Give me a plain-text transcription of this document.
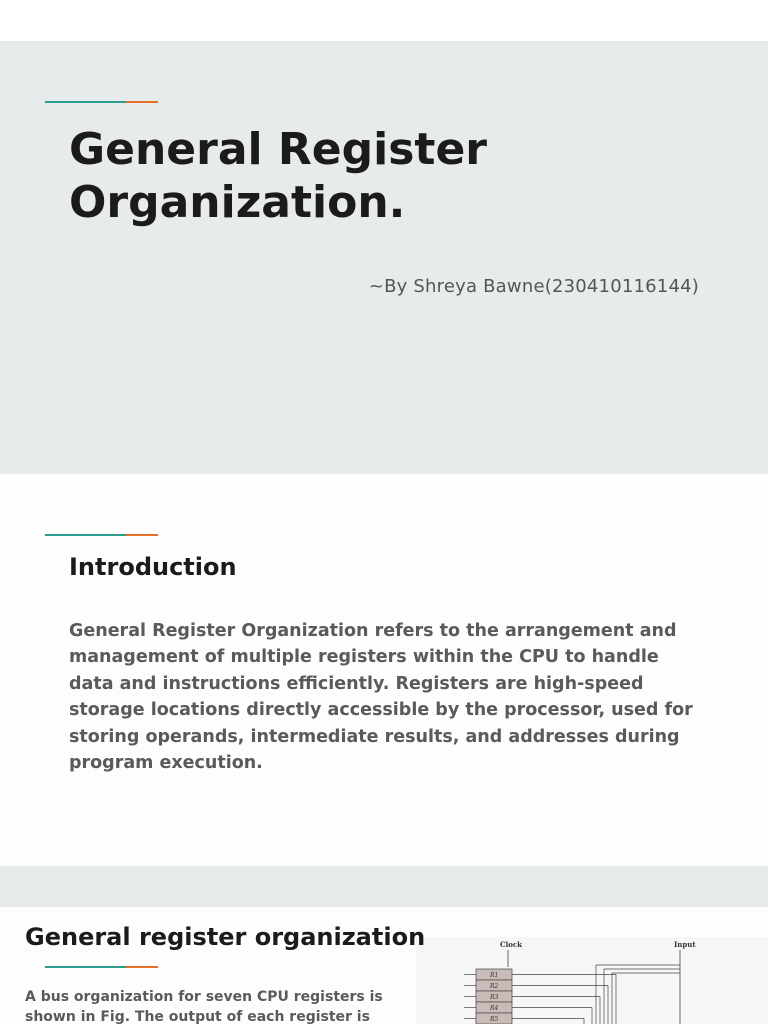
General Register Organization.
~By Shreya Bawne(230410116144)
Introduction

General Register Organization refers to the arrangement and management of multiple registers within the CPU to handle data and instructions efficiently. Registers are high-speed storage locations directly accessible by the processor, used for storing operands, intermediate results, and addresses during program execution.

Clock	Input
R1
R2
R3
R4
R5
General register organization

A bus organization for seven CPU registers is shown in Fig. The output of each register is
